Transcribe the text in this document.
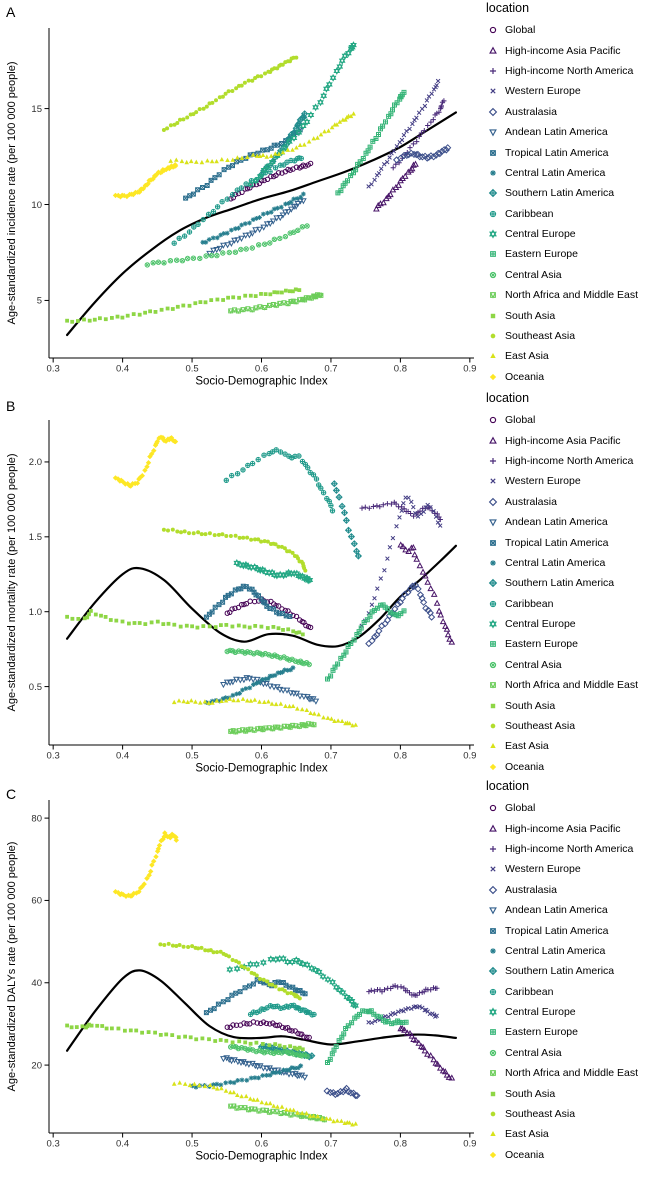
0.3	0.4	0.5	0.6	0.7	0.8	0.9
5
10
15
Socio-Demographic Index
Age-standardized incidence rate (per 100 000 people)
0.3	0.4	0.5	0.6	0.7	0.8	0.9
0.5
1.0
1.5
2.0
Socio-Demographic Index
Age-standardized mortality rate (per 100 000 people)
0.3	0.4	0.5	0.6	0.7	0.8	0.9
20
40
60
80
Socio-Demographic Index
Age-standardized DALYs rate (per 100 000 people)
A
B
C
location
Global
High-income Asia Pacific
High-income North America
Western Europe
Australasia
Andean Latin America
Tropical Latin America
Central Latin America
Southern Latin America
Caribbean
Central Europe
Eastern Europe
Central Asia
North Africa and Middle East
South Asia
Southeast Asia
East Asia
Oceania
location
Global
High-income Asia Pacific
High-income North America
Western Europe
Australasia
Andean Latin America
Tropical Latin America
Central Latin America
Southern Latin America
Caribbean
Central Europe
Eastern Europe
Central Asia
North Africa and Middle East
South Asia
Southeast Asia
East Asia
Oceania
location
Global
High-income Asia Pacific
High-income North America
Western Europe
Australasia
Andean Latin America
Tropical Latin America
Central Latin America
Southern Latin America
Caribbean
Central Europe
Eastern Europe
Central Asia
North Africa and Middle East
South Asia
Southeast Asia
East Asia
Oceania
